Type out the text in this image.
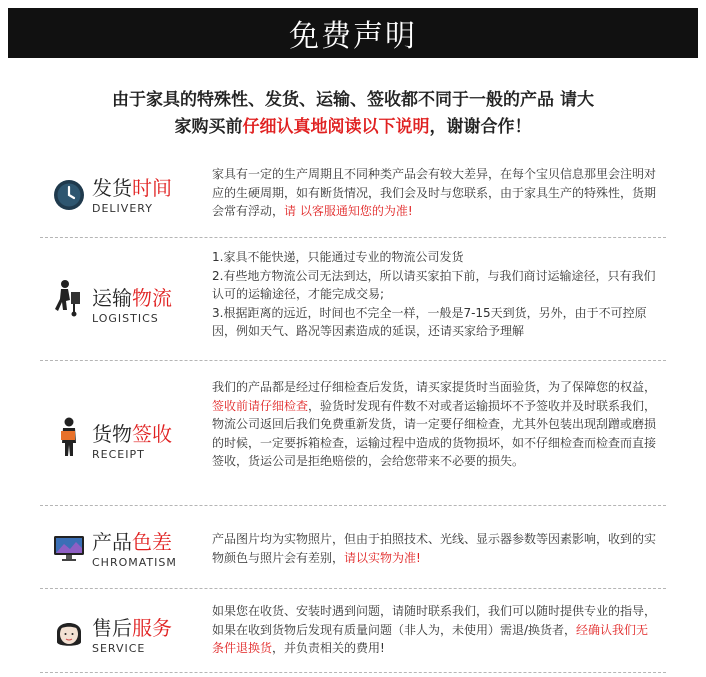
免费声明
由于家具的特殊性、发货、运输、签收都不同于一般的产品 请大
家购买前仔细认真地阅读以下说明，谢谢合作！
发货时间
DELIVERY
家具有一定的生产周期且不同种类产品会有较大差异，在每个宝贝信息那里会注明对应的生硬周期，如有断货情况，我们会及时与您联系，由于家具生产的特殊性，货期会常有浮动，请 以客服通知您的为准!
运输物流
LOGISTICS
1.家具不能快递，只能通过专业的物流公司发货
2.有些地方物流公司无法到达，所以请买家拍下前，与我们商讨运输途径，只有我们认可的运输途径，才能完成交易;
3.根据距离的远近，时间也不完全一样，一般是7-15天到货，另外，由于不可控原因，例如天气、路况等因素造成的延误，还请买家给予理解
货物签收
RECEIPT
我们的产品都是经过仔细检查后发货，请买家提货时当面验货，为了保障您的权益，签收前请仔细检查，验货时发现有件数不对或者运输损坏不予签收并及时联系我们，物流公司返回后我们免费重新发货，请一定要仔细检查，尤其外包装出现刮蹭或磨损的时候，一定要拆箱检查，运输过程中造成的货物损坏，如不仔细检查而检查而直接签收，货运公司是拒绝赔偿的，会给您带来不必要的损失。
产品色差
CHROMATISM
产品图片均为实物照片，但由于拍照技术、光线、显示器参数等因素影响，收到的实物颜色与照片会有差别，请以实物为准!
售后服务
SERVICE
如果您在收货、安装时遇到问题，请随时联系我们，我们可以随时提供专业的指导，如果在收到货物后发现有质量问题（非人为，未使用）需退/换货者，经确认我们无条件退换货，并负责相关的费用!
